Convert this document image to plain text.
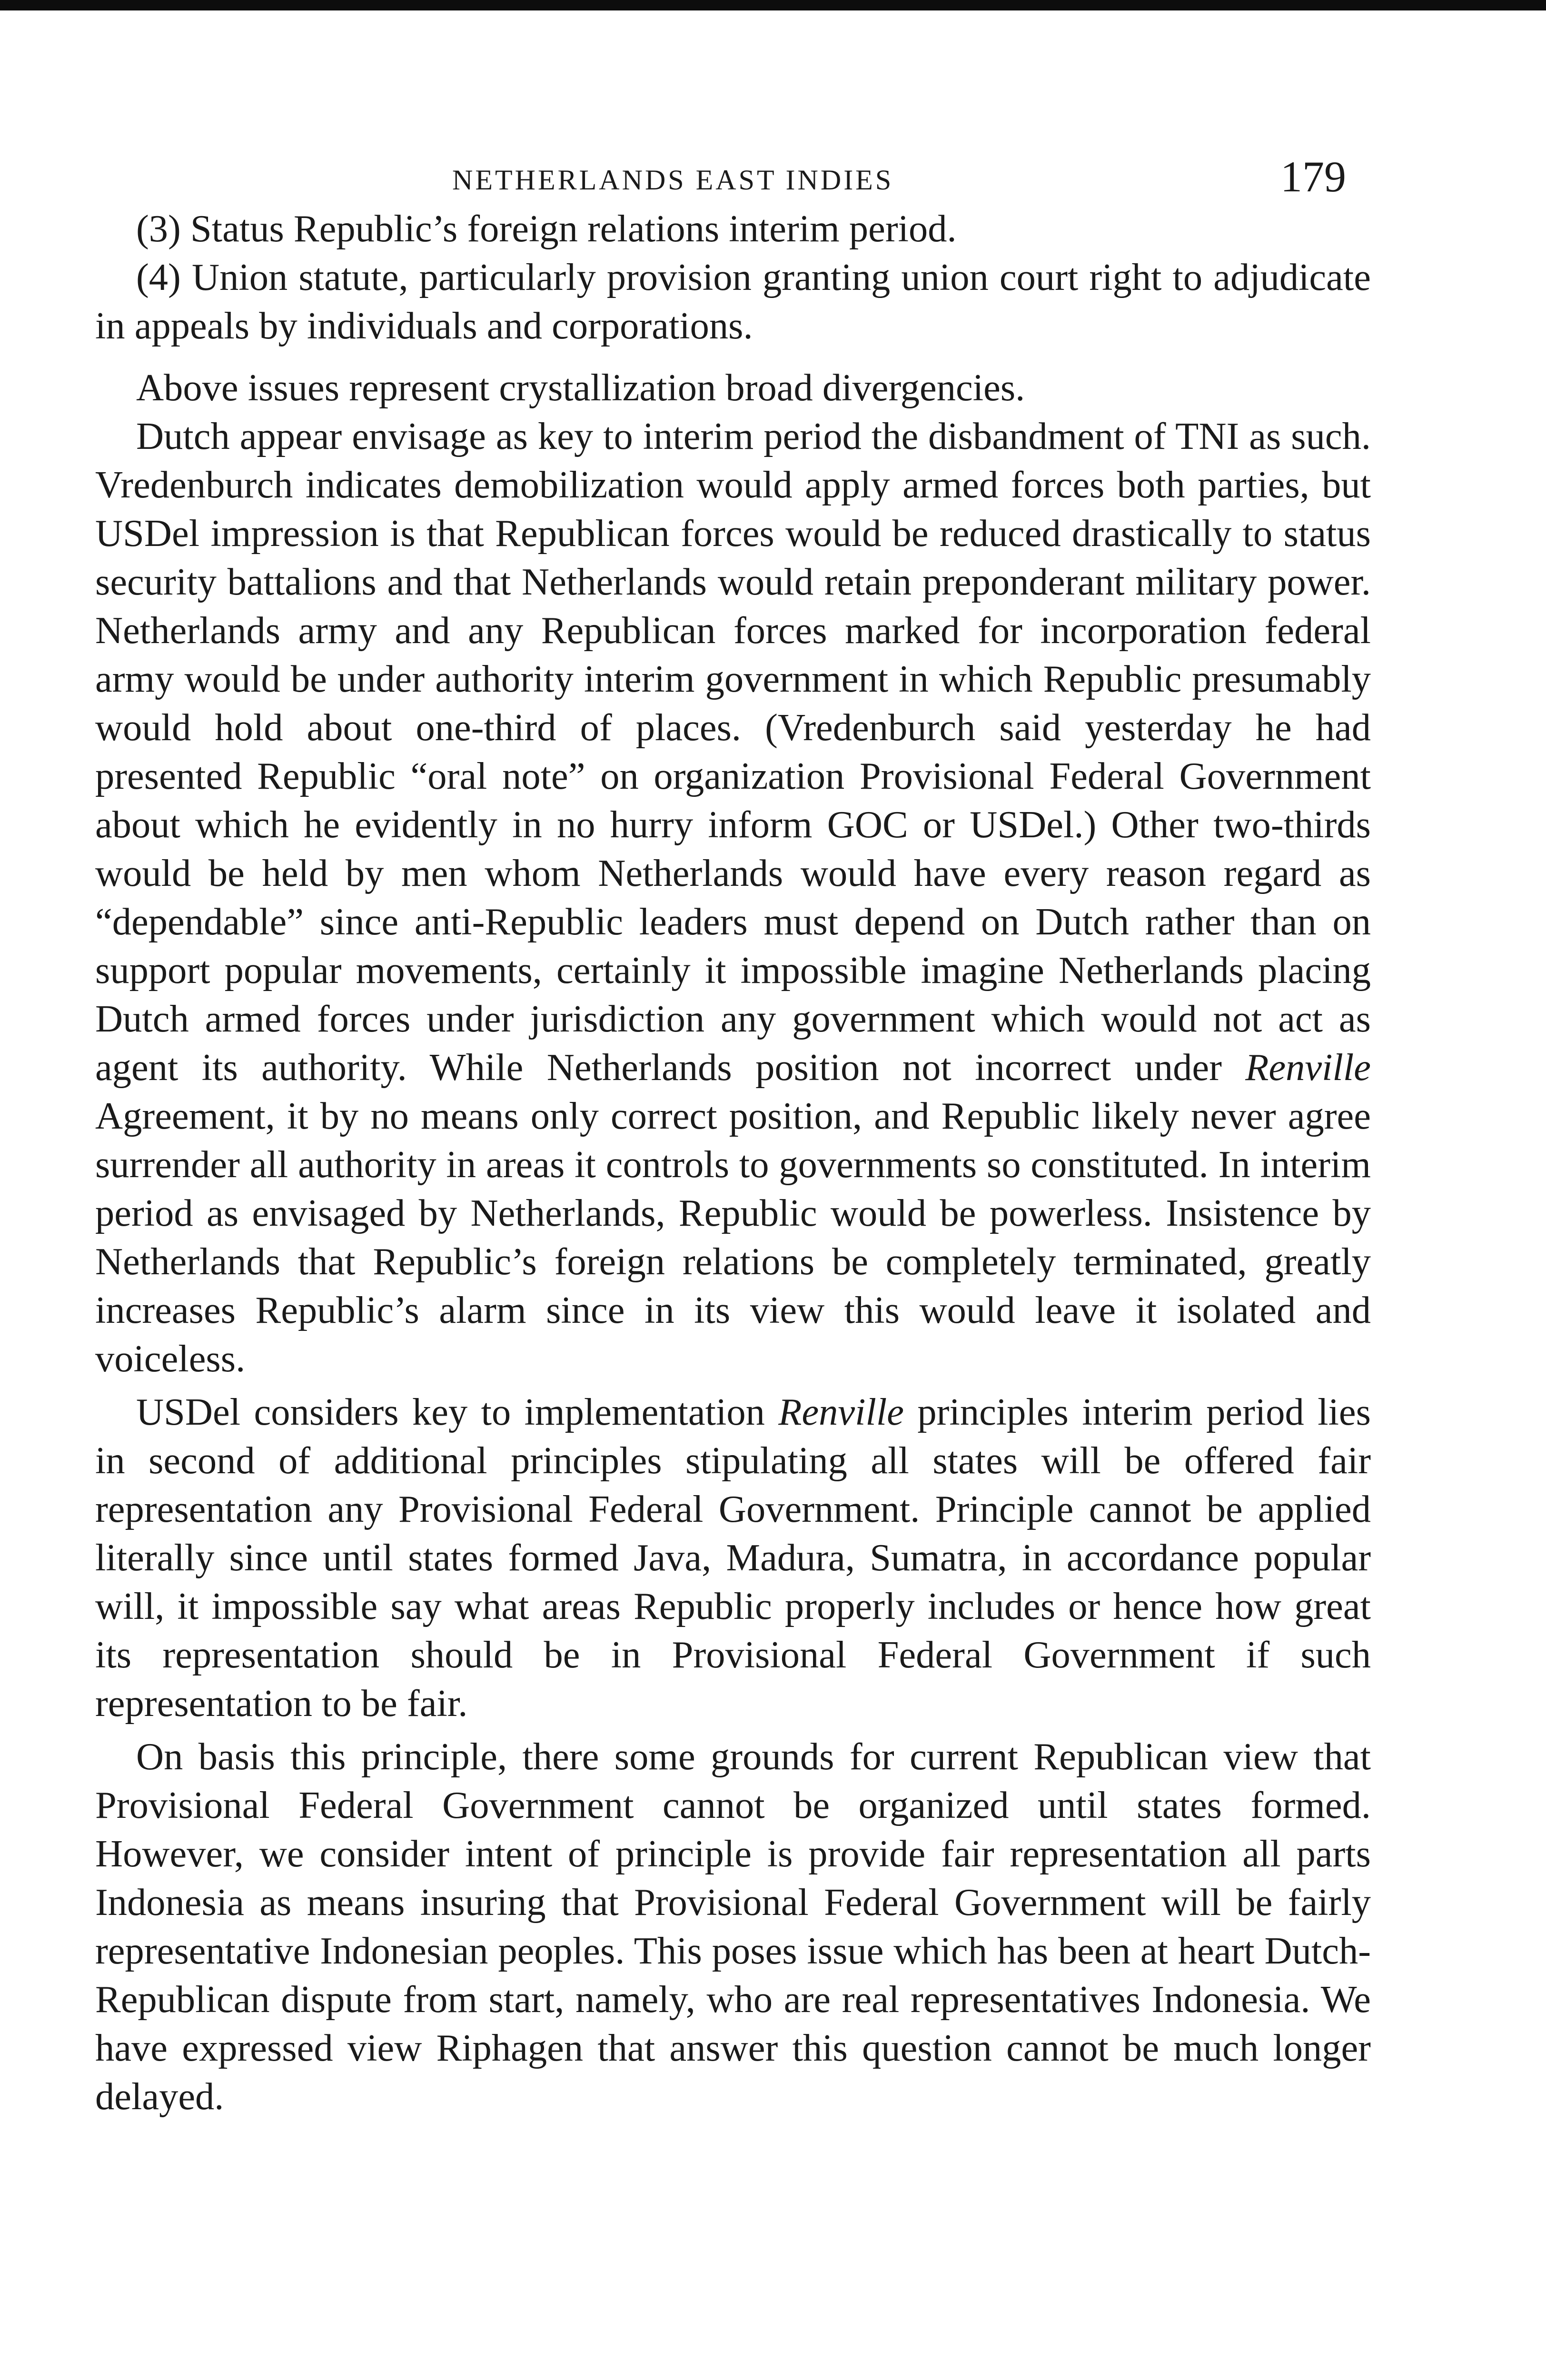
NETHERLANDS EAST INDIES	179

(3) Status Republic’s foreign relations interim period.

(4) Union statute, particularly provision granting union court right to adjudicate in appeals by individuals and corporations.

Above issues represent crystallization broad divergencies.

Dutch appear envisage as key to interim period the disbandment of TNI as such. Vredenburch indicates demobilization would apply armed forces both parties, but USDel impression is that Republican forces would be reduced drastically to status security battalions and that Netherlands would retain preponderant military power. Netherlands army and any Republican forces marked for incorporation federal army would be under authority interim government in which Republic presumably would hold about one-third of places. (Vredenburch said yesterday he had presented Republic “oral note” on organization Provisional Federal Government about which he evidently in no hurry inform GOC or USDel.) Other two-thirds would be held by men whom Netherlands would have every reason regard as “dependable” since anti-Republic leaders must depend on Dutch rather than on support popular movements, certainly it impossible imagine Netherlands placing Dutch armed forces under jurisdiction any government which would not act as agent its authority. While Netherlands position not incorrect under Renville Agreement, it by no means only correct position, and Republic likely never agree surrender all authority in areas it controls to governments so constituted. In interim period as envisaged by Netherlands, Republic would be powerless. Insistence by Netherlands that Republic’s foreign relations be completely terminated, greatly increases Republic’s alarm since in its view this would leave it isolated and voiceless.

USDel considers key to implementation Renville principles interim period lies in second of additional principles stipulating all states will be offered fair representation any Provisional Federal Government. Principle cannot be applied literally since until states formed Java, Madura, Sumatra, in accordance popular will, it impossible say what areas Republic properly includes or hence how great its representation should be in Provisional Federal Government if such representation to be fair.

On basis this principle, there some grounds for current Republican view that Provisional Federal Government cannot be organized until states formed. However, we consider intent of principle is provide fair representation all parts Indonesia as means insuring that Provisional Federal Government will be fairly representative Indonesian peoples. This poses issue which has been at heart Dutch-Republican dispute from start, namely, who are real representatives Indonesia. We have expressed view Riphagen that answer this question cannot be much longer delayed.
